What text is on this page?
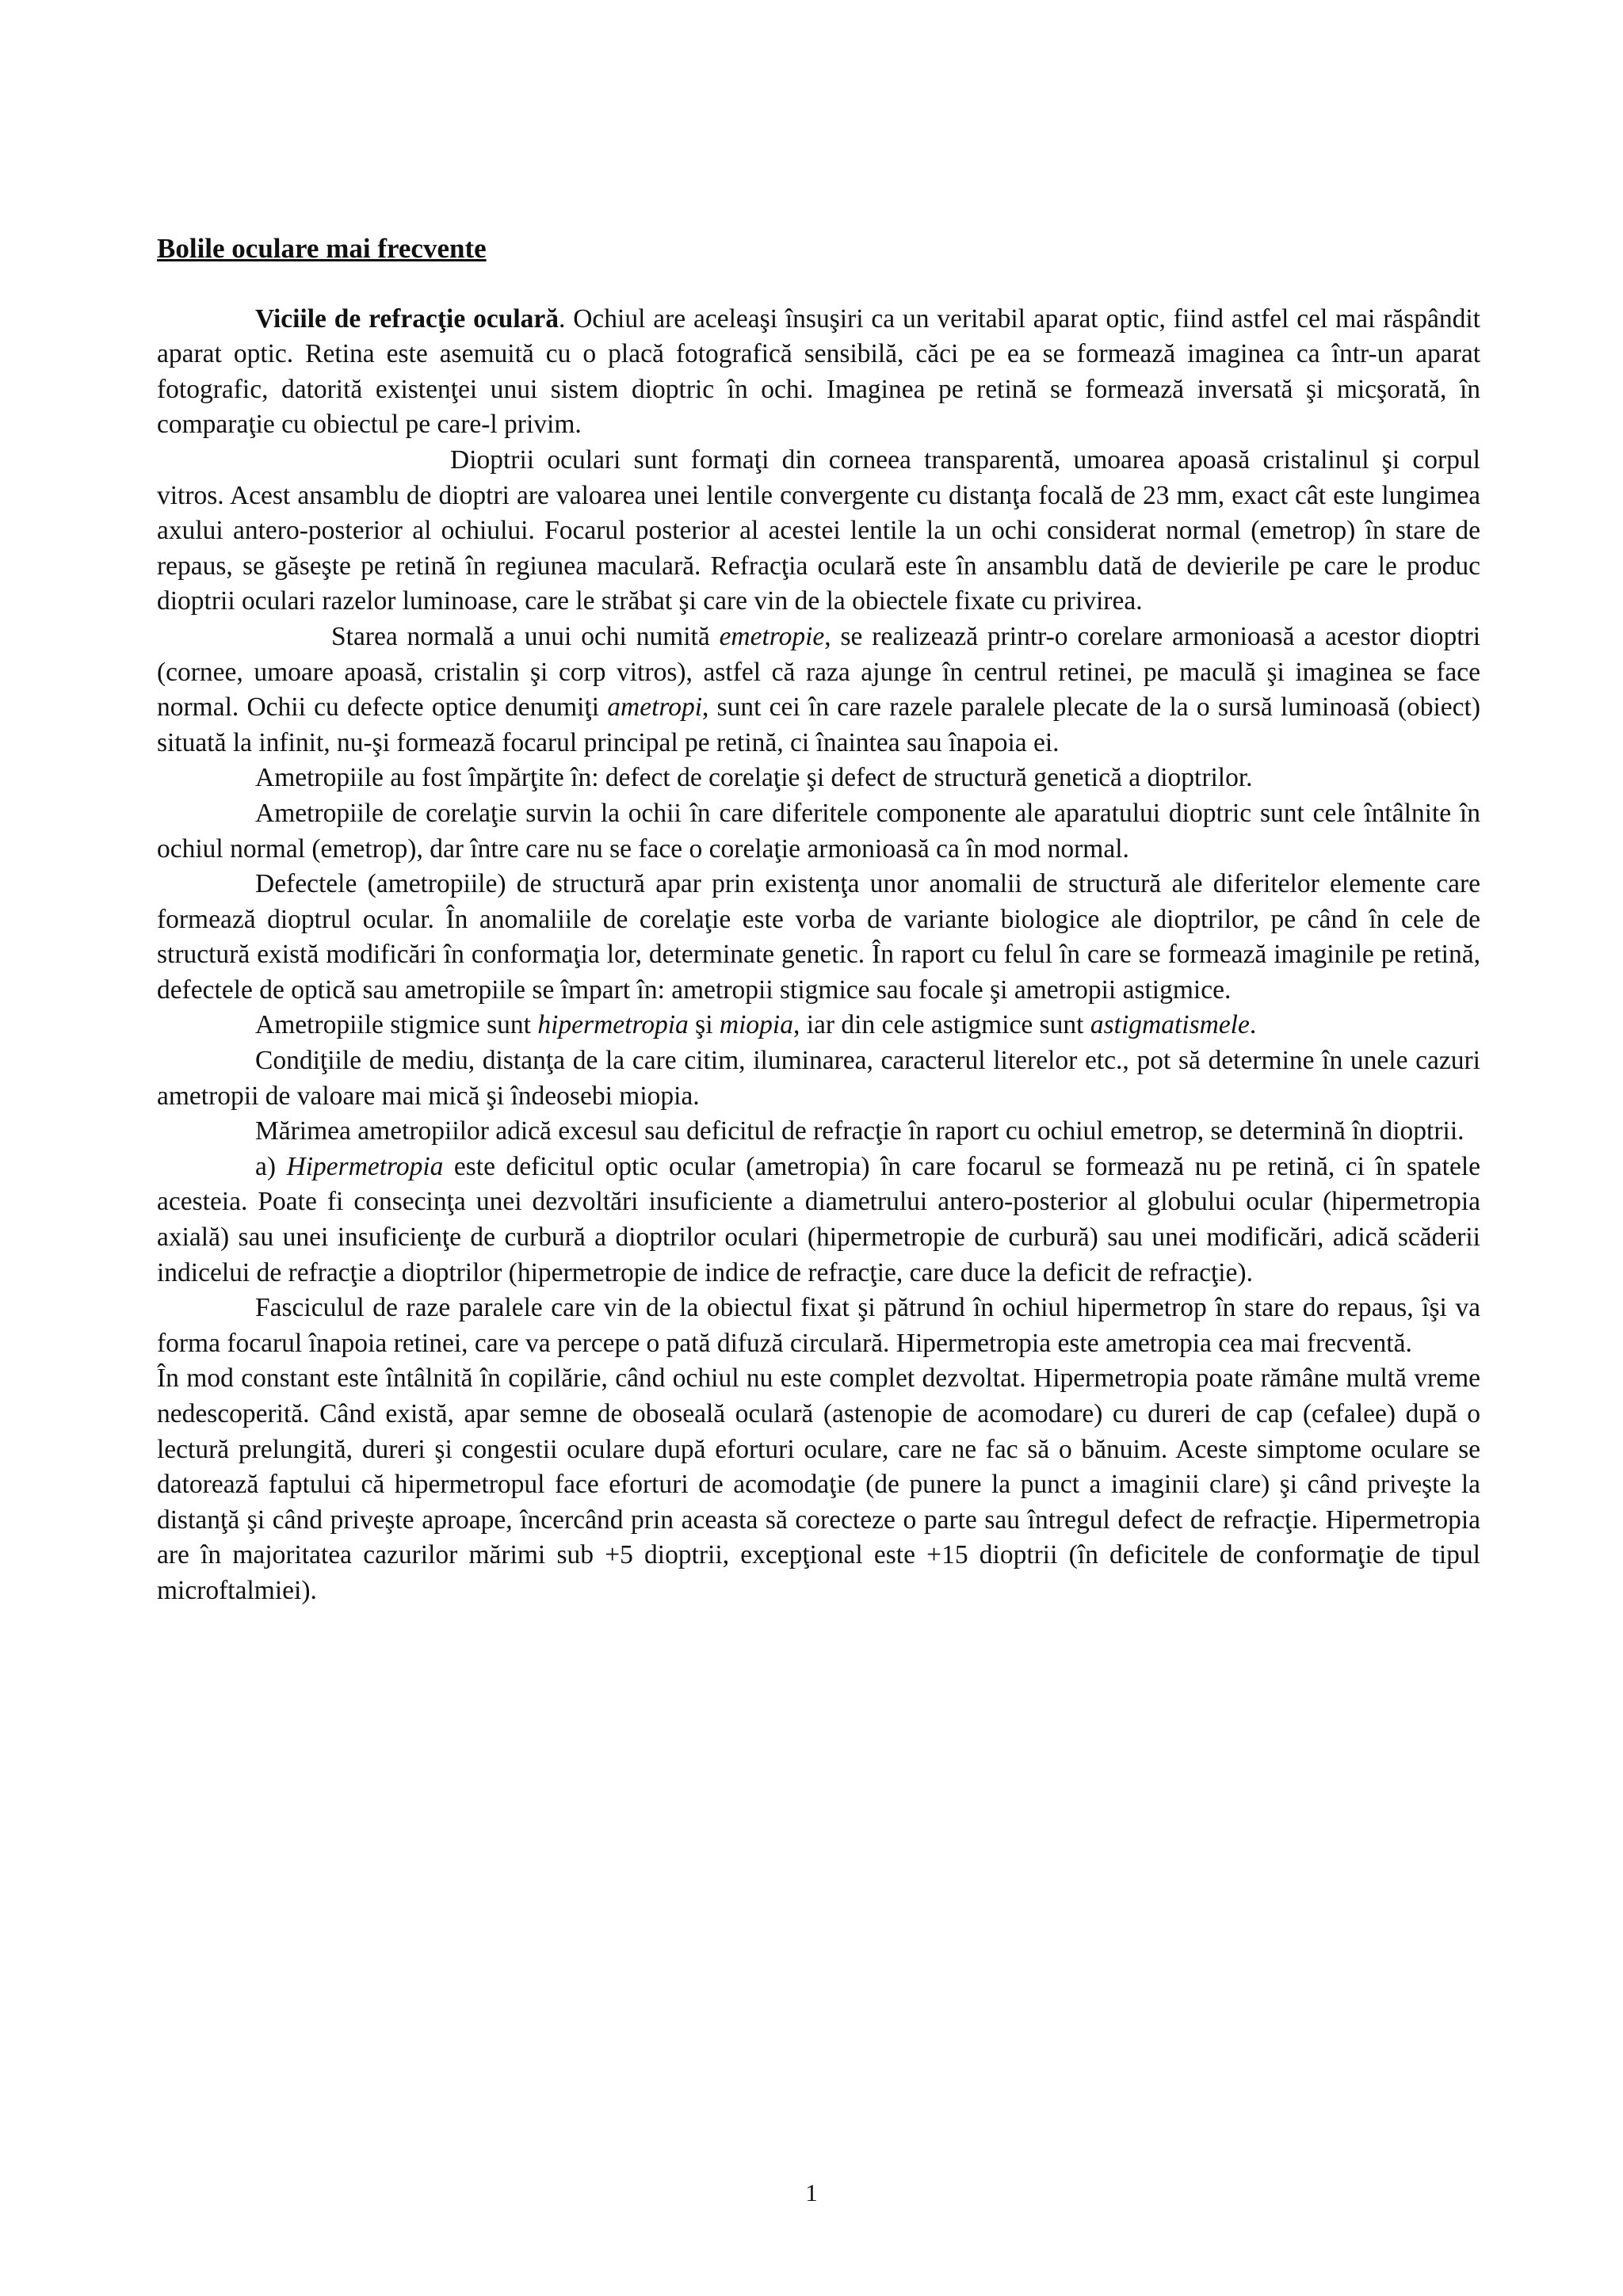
Bolile oculare mai frecvente

Viciile de refracţie oculară. Ochiul are aceleaşi însuşiri ca un veritabil aparat optic, fiind astfel cel mai răspândit aparat optic. Retina este asemuită cu o placă fotografică sensibilă, căci pe ea se formează imaginea ca într-un aparat fotografic, datorită existenţei unui sistem dioptric în ochi. Imaginea pe retină se formează inversată şi micşorată, în comparaţie cu obiectul pe care-l privim.

Dioptrii oculari sunt formaţi din corneea transparentă, umoarea apoasă cristalinul şi corpul vitros. Acest ansamblu de dioptri are valoarea unei lentile convergente cu distanţa focală de 23 mm, exact cât este lungimea axului antero-posterior al ochiului. Focarul posterior al acestei lentile la un ochi considerat normal (emetrop) în stare de repaus, se găseşte pe retină în regiunea maculară. Refracţia oculară este în ansamblu dată de devierile pe care le produc dioptrii oculari razelor luminoase, care le străbat şi care vin de la obiectele fixate cu privirea.

Starea normală a unui ochi numită emetropie, se realizează printr-o corelare armonioasă a acestor dioptri (cornee, umoare apoasă, cristalin şi corp vitros), astfel că raza ajunge în centrul retinei, pe maculă şi imaginea se face normal. Ochii cu defecte optice denumiţi ametropi, sunt cei în care razele paralele plecate de la o sursă luminoasă (obiect) situată la infinit, nu-şi formează focarul principal pe retină, ci înaintea sau înapoia ei.

Ametropiile au fost împărţite în: defect de corelaţie şi defect de structură genetică a dioptrilor.

Ametropiile de corelaţie survin la ochii în care diferitele componente ale aparatului dioptric sunt cele întâlnite în ochiul normal (emetrop), dar între care nu se face o corelaţie armonioasă ca în mod normal.

Defectele (ametropiile) de structură apar prin existenţa unor anomalii de structură ale diferitelor elemente care formează dioptrul ocular. În anomaliile de corelaţie este vorba de variante biologice ale dioptrilor, pe când în cele de structură există modificări în conformaţia lor, determinate genetic. În raport cu felul în care se formează imaginile pe retină, defectele de optică sau ametropiile se împart în: ametropii stigmice sau focale şi ametropii astigmice.

Ametropiile stigmice sunt hipermetropia şi miopia, iar din cele astigmice sunt astigmatismele.

Condiţiile de mediu, distanţa de la care citim, iluminarea, caracterul literelor etc., pot să determine în unele cazuri ametropii de valoare mai mică şi îndeosebi miopia.

Mărimea ametropiilor adică excesul sau deficitul de refracţie în raport cu ochiul emetrop, se determină în dioptrii.

a) Hipermetropia este deficitul optic ocular (ametropia) în care focarul se formează nu pe retină, ci în spatele acesteia. Poate fi consecinţa unei dezvoltări insuficiente a diametrului antero-posterior al globului ocular (hipermetropia axială) sau unei insuficienţe de curbură a dioptrilor oculari (hipermetropie de curbură) sau unei modificări, adică scăderii indicelui de refracţie a dioptrilor (hipermetropie de indice de refracţie, care duce la deficit de refracţie).

Fasciculul de raze paralele care vin de la obiectul fixat şi pătrund în ochiul hipermetrop în stare do repaus, îşi va forma focarul înapoia retinei, care va percepe o pată difuză circulară. Hipermetropia este ametropia cea mai frecventă.

În mod constant este întâlnită în copilărie, când ochiul nu este complet dezvoltat. Hipermetropia poate rămâne multă vreme nedescoperită. Când există, apar semne de oboseală oculară (astenopie de acomodare) cu dureri de cap (cefalee) după o lectură prelungită, dureri şi congestii oculare după eforturi oculare, care ne fac să o bănuim. Aceste simptome oculare se datorează faptului că hipermetropul face eforturi de acomodaţie (de punere la punct a imaginii clare) şi când priveşte la distanţă şi când priveşte aproape, încercând prin aceasta să corecteze o parte sau întregul defect de refracţie. Hipermetropia are în majoritatea cazurilor mărimi sub +5 dioptrii, excepţional este +15 dioptrii (în deficitele de conformaţie de tipul microftalmiei).

1
